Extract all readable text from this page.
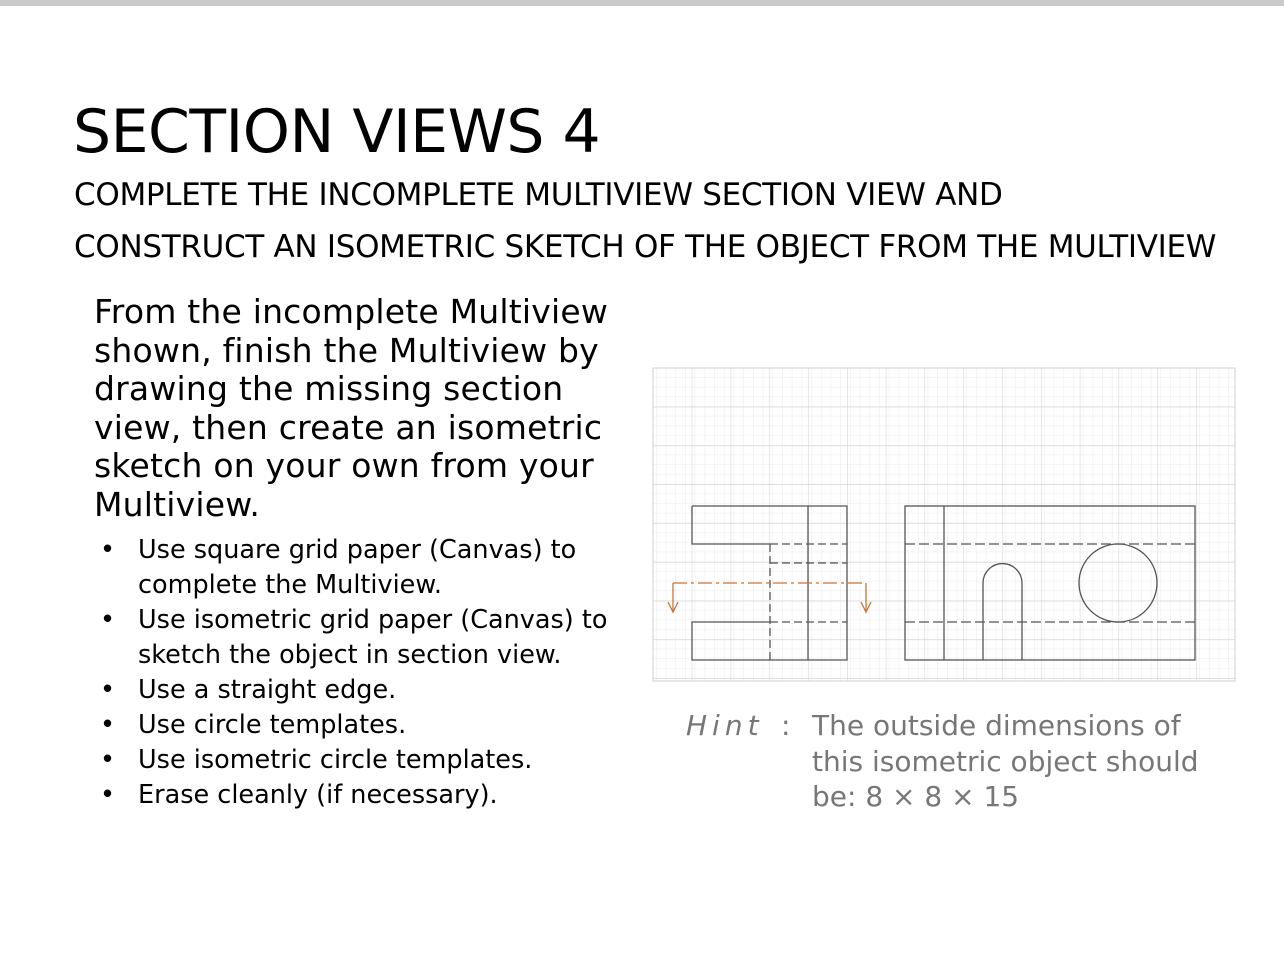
SECTION VIEWS 4
COMPLETE THE INCOMPLETE MULTIVIEW SECTION VIEW AND
CONSTRUCT AN ISOMETRIC SKETCH OF THE OBJECT FROM THE MULTIVIEW

From the incomplete Multiview shown, finish the Multiview by drawing the missing section view, then create an isometric sketch on your own from your Multiview.

• Use square grid paper (Canvas) to complete the Multiview.
• Use isometric grid paper (Canvas) to sketch the object in section view.
• Use a straight edge.
• Use circle templates.
• Use isometric circle templates.
• Erase cleanly (if necessary).
Hint : The outside dimensions of this isometric object should be: 8 × 8 × 15
